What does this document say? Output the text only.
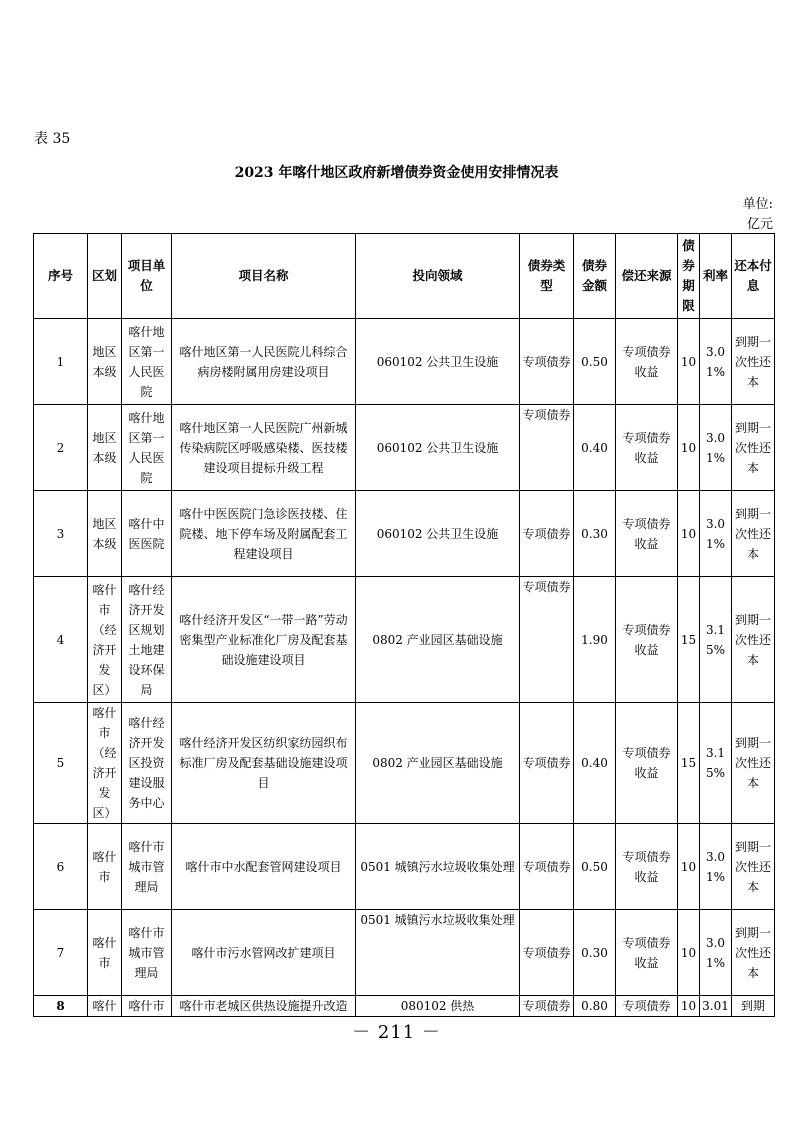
表 35
2023 年喀什地区政府新增债券资金使用安排情况表
单位:
亿元
序号	区划	项目单位	项目名称	投向领域	债券类型	债券金额	偿还来源	债券期限	利率	还本付息
1	地区本级	喀什地区第一人民医院	喀什地区第一人民医院儿科综合病房楼附属用房建设项目	060102 公共卫生设施	专项债券	0.50	专项债券收益	10	3.01%	到期一次性还本
2	地区本级	喀什地区第一人民医院	喀什地区第一人民医院广州新城传染病院区呼吸感染楼、医技楼建设项目提标升级工程	060102 公共卫生设施	专项债券	0.40	专项债券收益	10	3.01%	到期一次性还本
3	地区本级	喀什中医医院	喀什中医医院门急诊医技楼、住院楼、地下停车场及附属配套工程建设项目	060102 公共卫生设施	专项债券	0.30	专项债券收益	10	3.01%	到期一次性还本
4	喀什市（经济开发区）	喀什经济开发区规划土地建设环保局	喀什经济开发区“一带一路”劳动密集型产业标准化厂房及配套基础设施建设项目	0802 产业园区基础设施	专项债券	1.90	专项债券收益	15	3.15%	到期一次性还本
5	喀什市（经济开发区）	喀什经济开发区投资建设服务中心	喀什经济开发区纺织家纺园织布标准厂房及配套基础设施建设项目	0802 产业园区基础设施	专项债券	0.40	专项债券收益	15	3.15%	到期一次性还本
6	喀什市	喀什市城市管理局	喀什市中水配套管网建设项目	0501 城镇污水垃圾收集处理	专项债券	0.50	专项债券收益	10	3.01%	到期一次性还本
7	喀什市	喀什市城市管理局	喀什市污水管网改扩建项目	0501 城镇污水垃圾收集处理	专项债券	0.30	专项债券收益	10	3.01%	到期一次性还本
8	喀什	喀什市	喀什市老城区供热设施提升改造	080102 供热	专项债券	0.80	专项债券	10	3.01	到期
－ 211 －
